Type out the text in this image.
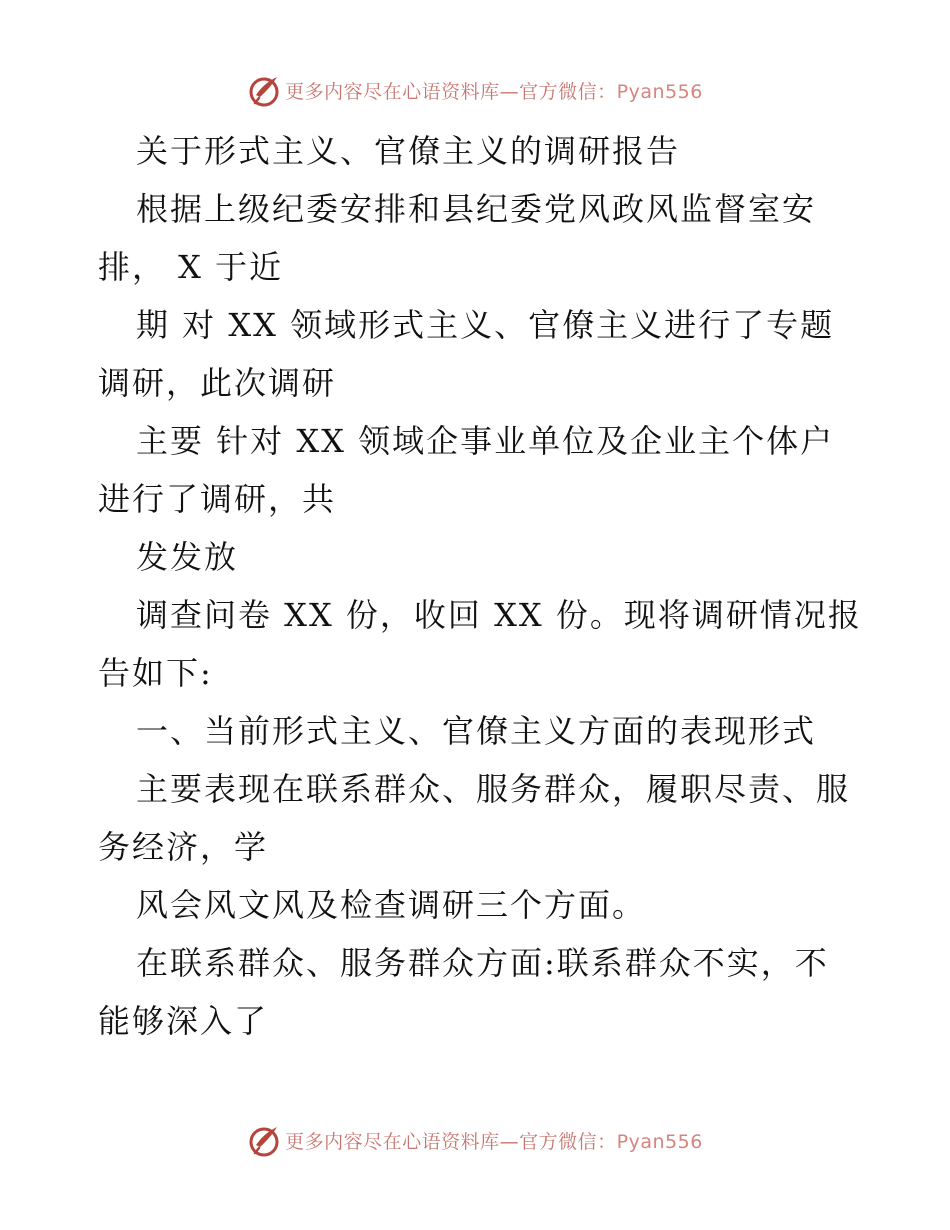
更多内容尽在心语资料库—官方微信：Pyan556
关于形式主义、官僚主义的调研报告
根据上级纪委安排和县纪委党风政风监督室安
排， X 于近
期 对 XX 领域形式主义、官僚主义进行了专题
调研，此次调研
主要 针对 XX 领域企事业单位及企业主个体户
进行了调研，共
发发放
调查问卷 XX 份，收回 XX 份。现将调研情况报
告如下:
一、当前形式主义、官僚主义方面的表现形式
主要表现在联系群众、服务群众，履职尽责、服
务经济，学
风会风文风及检查调研三个方面。
在联系群众、服务群众方面:联系群众不实，不
能够深入了
更多内容尽在心语资料库—官方微信：Pyan556
